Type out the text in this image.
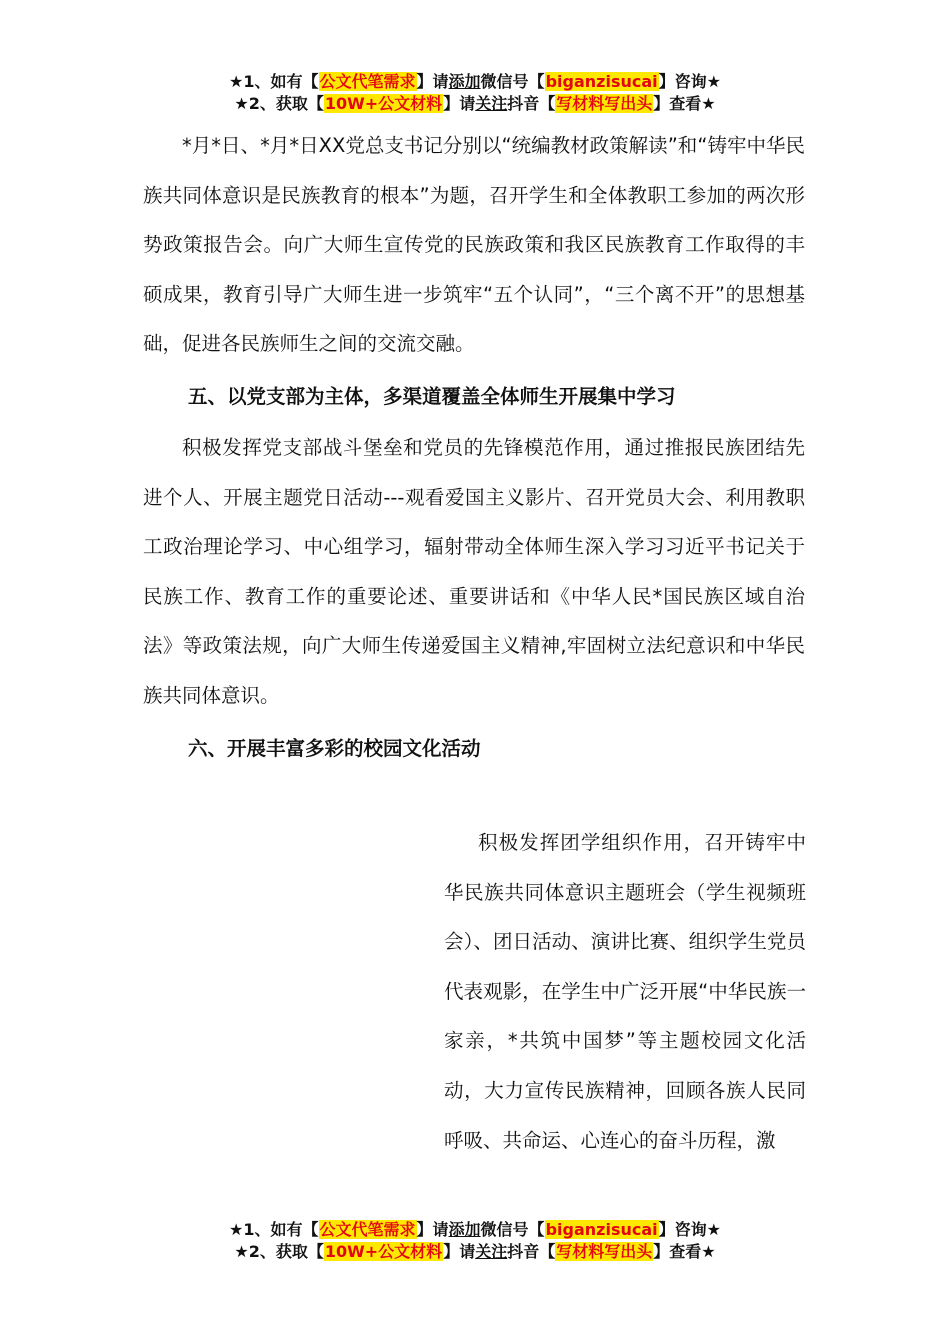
★1、如有【公文代笔需求】请添加微信号【biganzisucai】咨询★
★2、获取【10W+公文材料】请关注抖音【写材料写出头】查看★

*月*日、*月*日XX党总支书记分别以“统编教材政策解读”和“铸牢中华民族共同体意识是民族教育的根本”为题，召开学生和全体教职工参加的两次形势政策报告会。向广大师生宣传党的民族政策和我区民族教育工作取得的丰硕成果，教育引导广大师生进一步筑牢“五个认同”，“三个离不开”的思想基础，促进各民族师生之间的交流交融。

五、以党支部为主体，多渠道覆盖全体师生开展集中学习

积极发挥党支部战斗堡垒和党员的先锋模范作用，通过推报民族团结先进个人、开展主题党日活动---观看爱国主义影片、召开党员大会、利用教职工政治理论学习、中心组学习，辐射带动全体师生深入学习习近平书记关于民族工作、教育工作的重要论述、重要讲话和《中华人民*国民族区域自治法》等政策法规，向广大师生传递爱国主义精神,牢固树立法纪意识和中华民族共同体意识。

六、开展丰富多彩的校园文化活动

积极发挥团学组织作用，召开铸牢中华民族共同体意识主题班会（学生视频班会）、团日活动、演讲比赛、组织学生党员代表观影，在学生中广泛开展“中华民族一家亲，*共筑中国梦”等主题校园文化活动，大力宣传民族精神，回顾各族人民同呼吸、共命运、心连心的奋斗历程，激

★1、如有【公文代笔需求】请添加微信号【biganzisucai】咨询★
★2、获取【10W+公文材料】请关注抖音【写材料写出头】查看★
